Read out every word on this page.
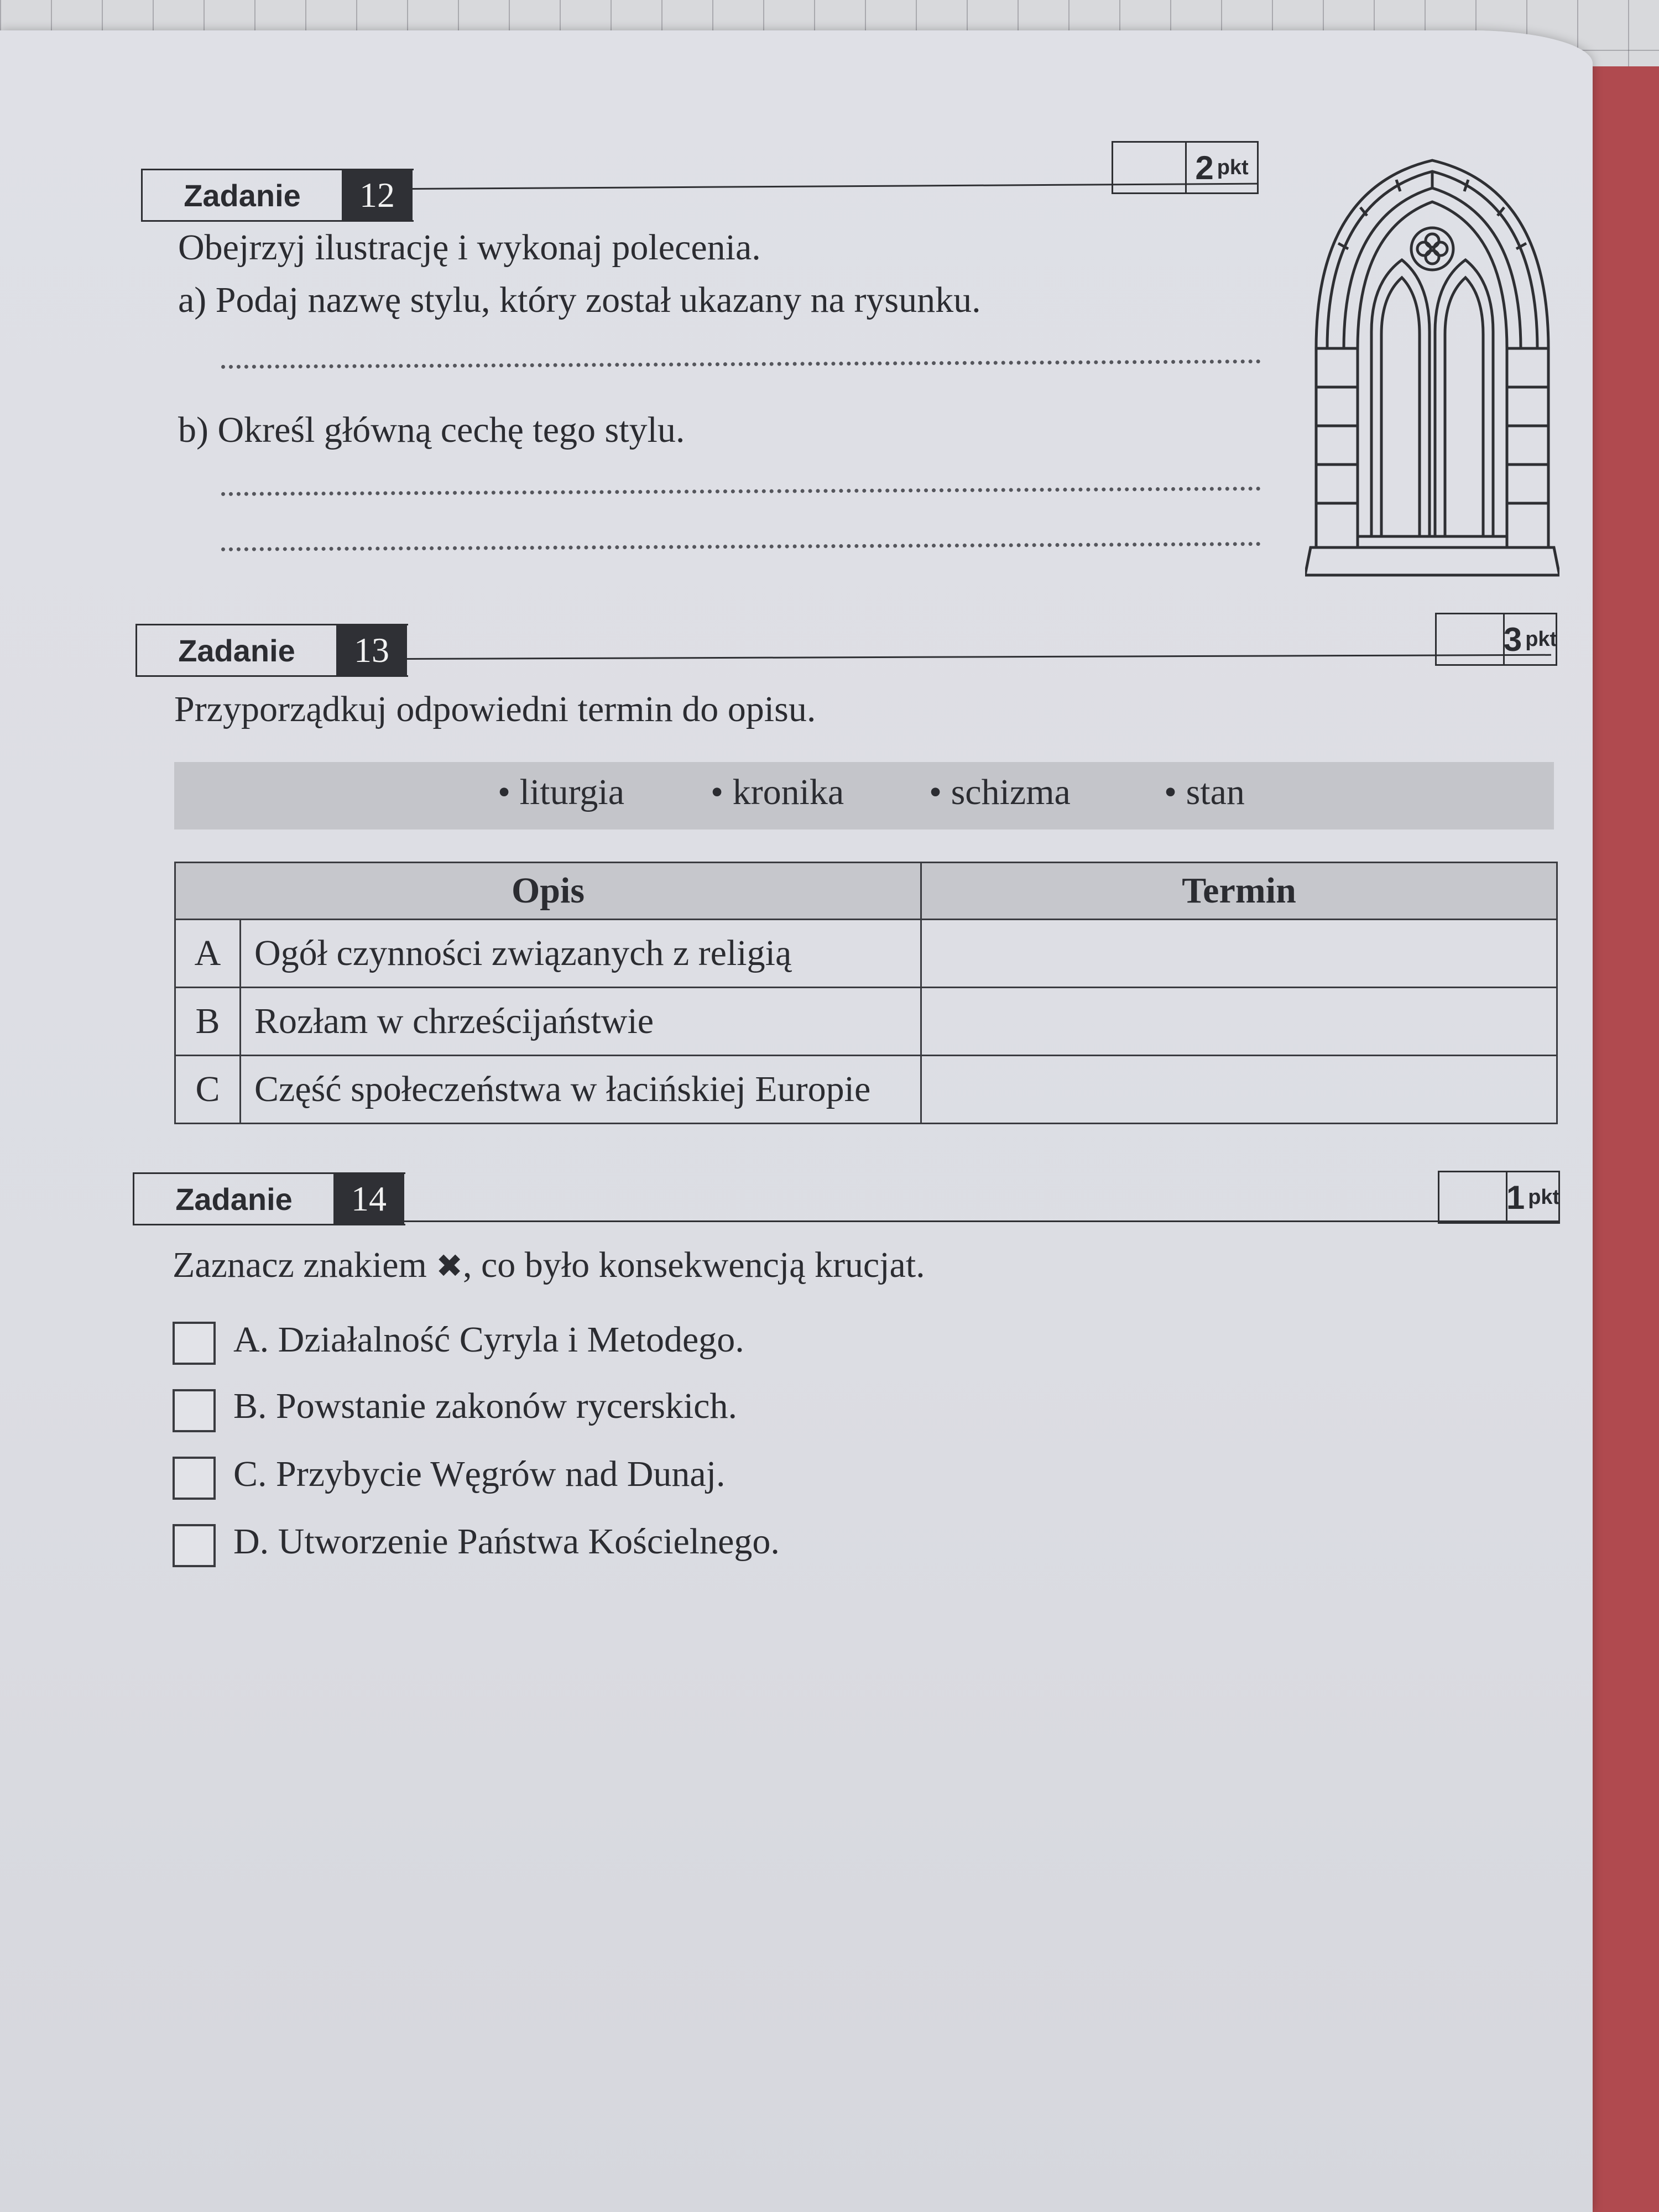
Zadanie	12
2 pkt
Obejrzyj ilustrację i wykonaj polecenia.
a) Podaj nazwę stylu, który został ukazany na rysunku.
b) Określ główną cechę tego stylu.
Zadanie	13	3 pkt
Przyporządkuj odpowiedni termin do opisu.
• liturgia • kronika • schizma	• stan
Opis		Termin
A	Ogół czynności związanych z religią	
B	Rozłam w chrześcijaństwie	
C	Część społeczeństwa w łacińskiej Europie	
Zadanie	14	1 pkt
Zaznacz znakiem ✖, co było konsekwencją krucjat.
A. Działalność Cyryla i Metodego.
B. Powstanie zakonów rycerskich.
C. Przybycie Węgrów nad Dunaj.
D. Utworzenie Państwa Kościelnego.
